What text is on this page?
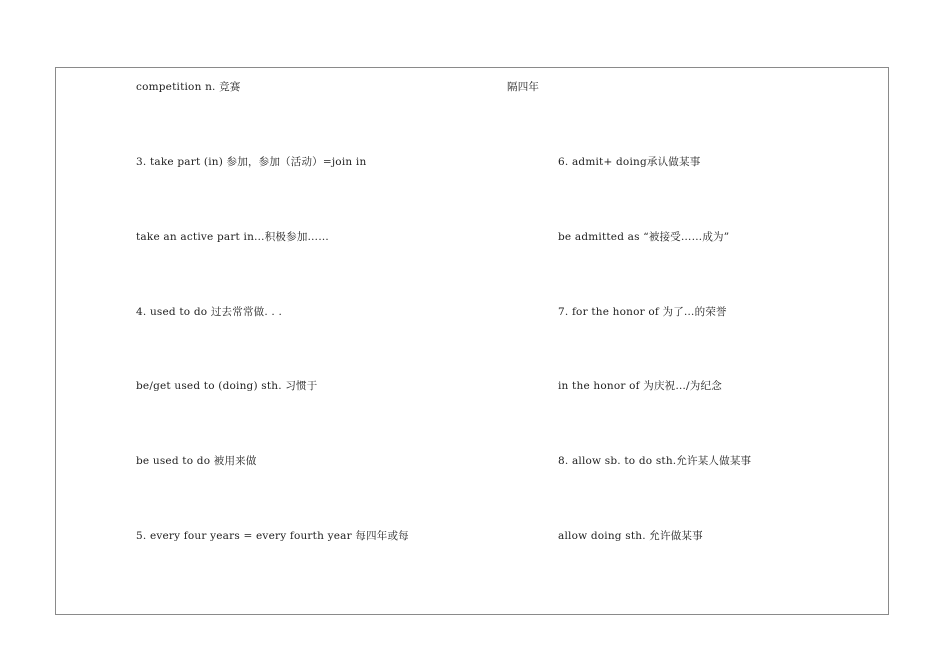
competition n. 竞赛	隔四年
3. take part (in) 参加，参加（活动）=join in	6. admit+ doing承认做某事
take an active part in…积极参加……	be admitted as “被接受……成为”
4. used to do 过去常常做. . .	7. for the honor of 为了…的荣誉
be/get used to (doing) sth. 习惯于	in the honor of 为庆祝…/为纪念
be used to do 被用来做	8. allow sb. to do sth.允许某人做某事
5. every four years = every fourth year 每四年或每	allow doing sth. 允许做某事
